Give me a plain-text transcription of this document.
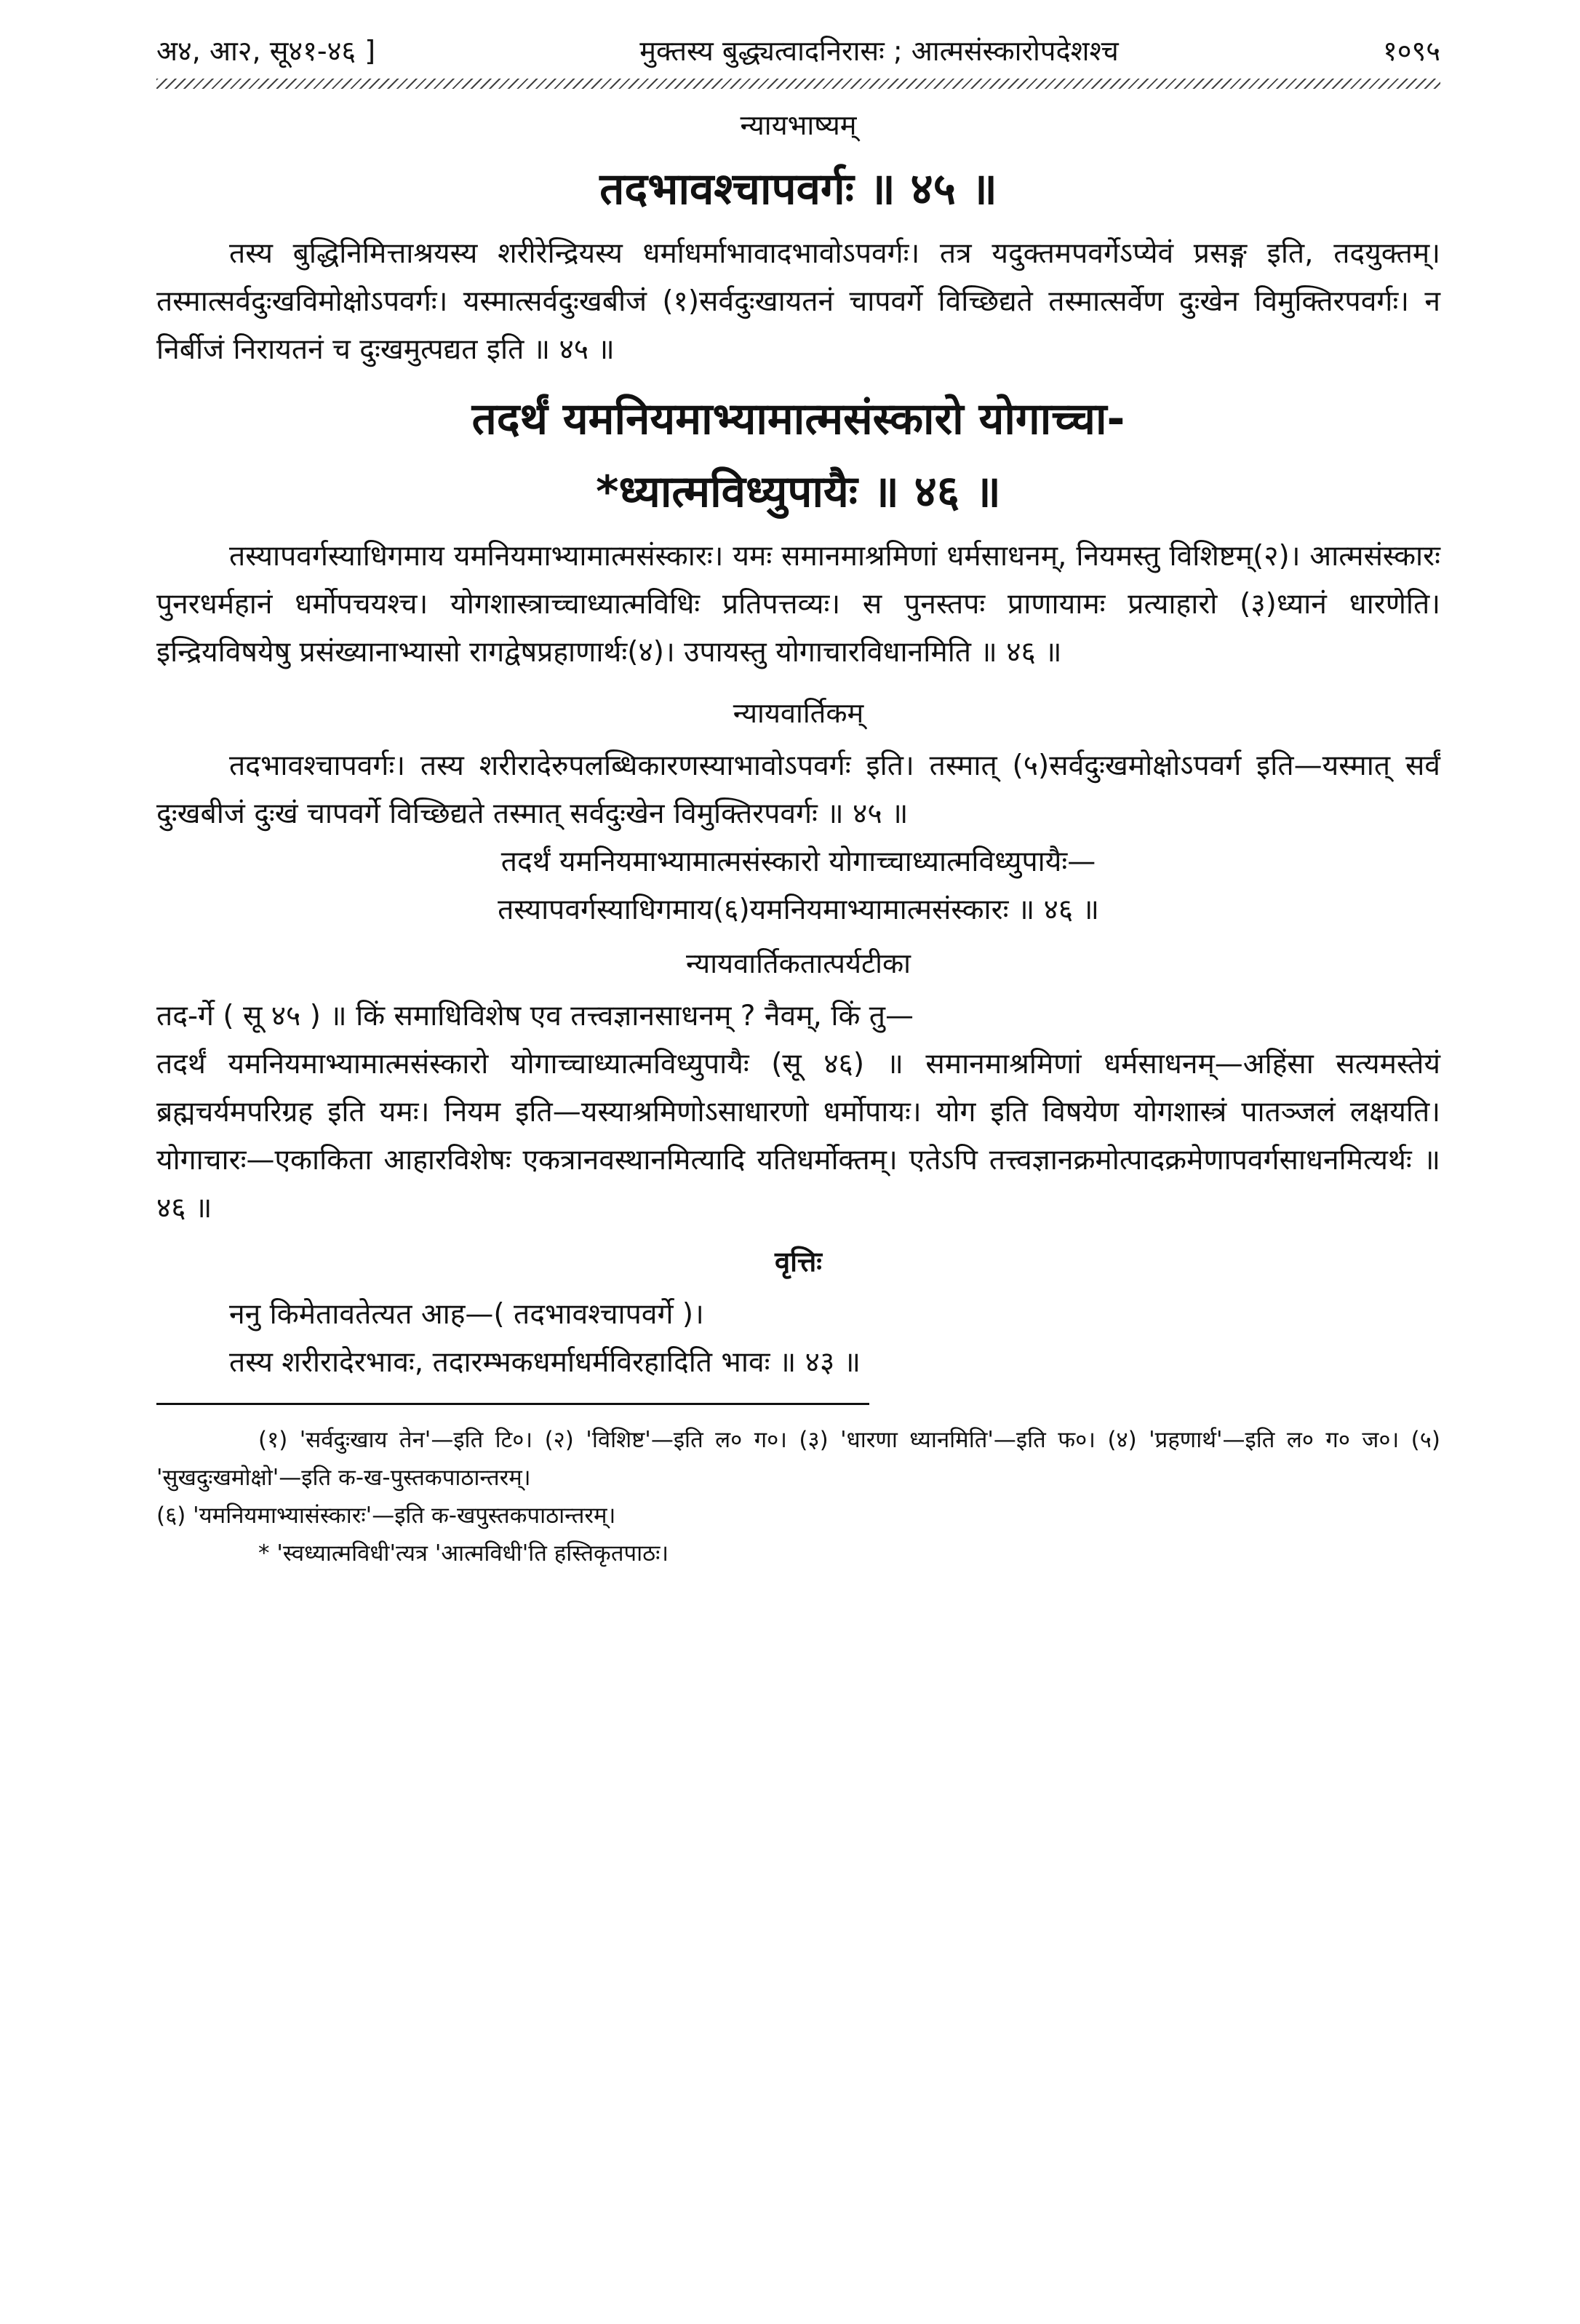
अ४, आ२, सू४१-४६ ]	मुक्तस्य बुद्ध्यत्वादनिरासः ; आत्मसंस्कारोपदेशश्च	१०९५
न्यायभाष्यम्
तदभावश्चापवर्गः ॥ ४५ ॥

तस्य बुद्धिनिमित्ताश्रयस्य शरीरेन्द्रियस्य धर्माधर्माभावादभावोऽपवर्गः। तत्र यदुक्तमपवर्गेऽप्येवं प्रसङ्ग इति, तदयुक्तम्। तस्मात्सर्वदुःखविमोक्षोऽपवर्गः। यस्मात्सर्वदुःखबीजं (१)सर्वदुःखायतनं चापवर्गे विच्छिद्यते तस्मात्सर्वेण दुःखेन विमुक्तिरपवर्गः। न निर्बीजं निरायतनं च दुःखमुत्पद्यत इति ॥ ४५ ॥

तदर्थं यमनियमाभ्यामात्मसंस्कारो योगाच्चा-
*ध्यात्मविध्युपायैः ॥ ४६ ॥

तस्यापवर्गस्याधिगमाय यमनियमाभ्यामात्मसंस्कारः। यमः समानमाश्रमिणां धर्मसाधनम्, नियमस्तु विशिष्टम्(२)। आत्मसंस्कारः पुनरधर्महानं धर्मोपचयश्च। योगशास्त्राच्चाध्यात्मविधिः प्रतिपत्तव्यः। स पुनस्तपः प्राणायामः प्रत्याहारो (३)ध्यानं धारणेति। इन्द्रियविषयेषु प्रसंख्यानाभ्यासो रागद्वेषप्रहाणार्थः(४)। उपायस्तु योगाचारविधानमिति ॥ ४६ ॥

न्यायवार्तिकम्

तदभावश्चापवर्गः। तस्य शरीरादेरुपलब्धिकारणस्याभावोऽपवर्गः इति। तस्मात् (५)सर्वदुःखमोक्षोऽपवर्ग इति—यस्मात् सर्वं दुःखबीजं दुःखं चापवर्गे विच्छिद्यते तस्मात् सर्वदुःखेन विमुक्तिरपवर्गः ॥ ४५ ॥

तदर्थं यमनियमाभ्यामात्मसंस्कारो योगाच्चाध्यात्मविध्युपायैः—

तस्यापवर्गस्याधिगमाय(६)यमनियमाभ्यामात्मसंस्कारः ॥ ४६ ॥

न्यायवार्तिकतात्पर्यटीका

तद-र्गे ( सू ४५ ) ॥ किं समाधिविशेष एव तत्त्वज्ञानसाधनम् ? नैवम्, किं तु—

तदर्थं यमनियमाभ्यामात्मसंस्कारो योगाच्चाध्यात्मविध्युपायैः (सू ४६) ॥ समानमाश्रमिणां धर्मसाधनम्—अहिंसा सत्यमस्तेयं ब्रह्मचर्यमपरिग्रह इति यमः। नियम इति—यस्याश्रमिणोऽसाधारणो धर्मोपायः। योग इति विषयेण योगशास्त्रं पातञ्जलं लक्षयति। योगाचारः—एकाकिता आहारविशेषः एकत्रानवस्थानमित्यादि यतिधर्मोक्तम्। एतेऽपि तत्त्वज्ञानक्रमोत्पादक्रमेणापवर्गसाधनमित्यर्थः ॥ ४६ ॥

वृत्तिः

ननु किमेतावतेत्यत आह—( तदभावश्चापवर्गे )।

तस्य शरीरादेरभावः, तदारम्भकधर्माधर्मविरहादिति भावः ॥ ४३ ॥

(१) 'सर्वदुःखाय तेन'—इति टि०। (२) 'विशिष्ट'—इति ल० ग०। (३) 'धारणा ध्यानमिति'—इति फ०। (४) 'प्रहणार्थ'—इति ल० ग० ज०। (५) 'सुखदुःखमोक्षो'—इति क-ख-पुस्तकपाठान्तरम्।

(६) 'यमनियमाभ्यासंस्कारः'—इति क-खपुस्तकपाठान्तरम्।

* 'स्वध्यात्मविधी'त्यत्र 'आत्मविधी'ति हस्तिकृतपाठः।
